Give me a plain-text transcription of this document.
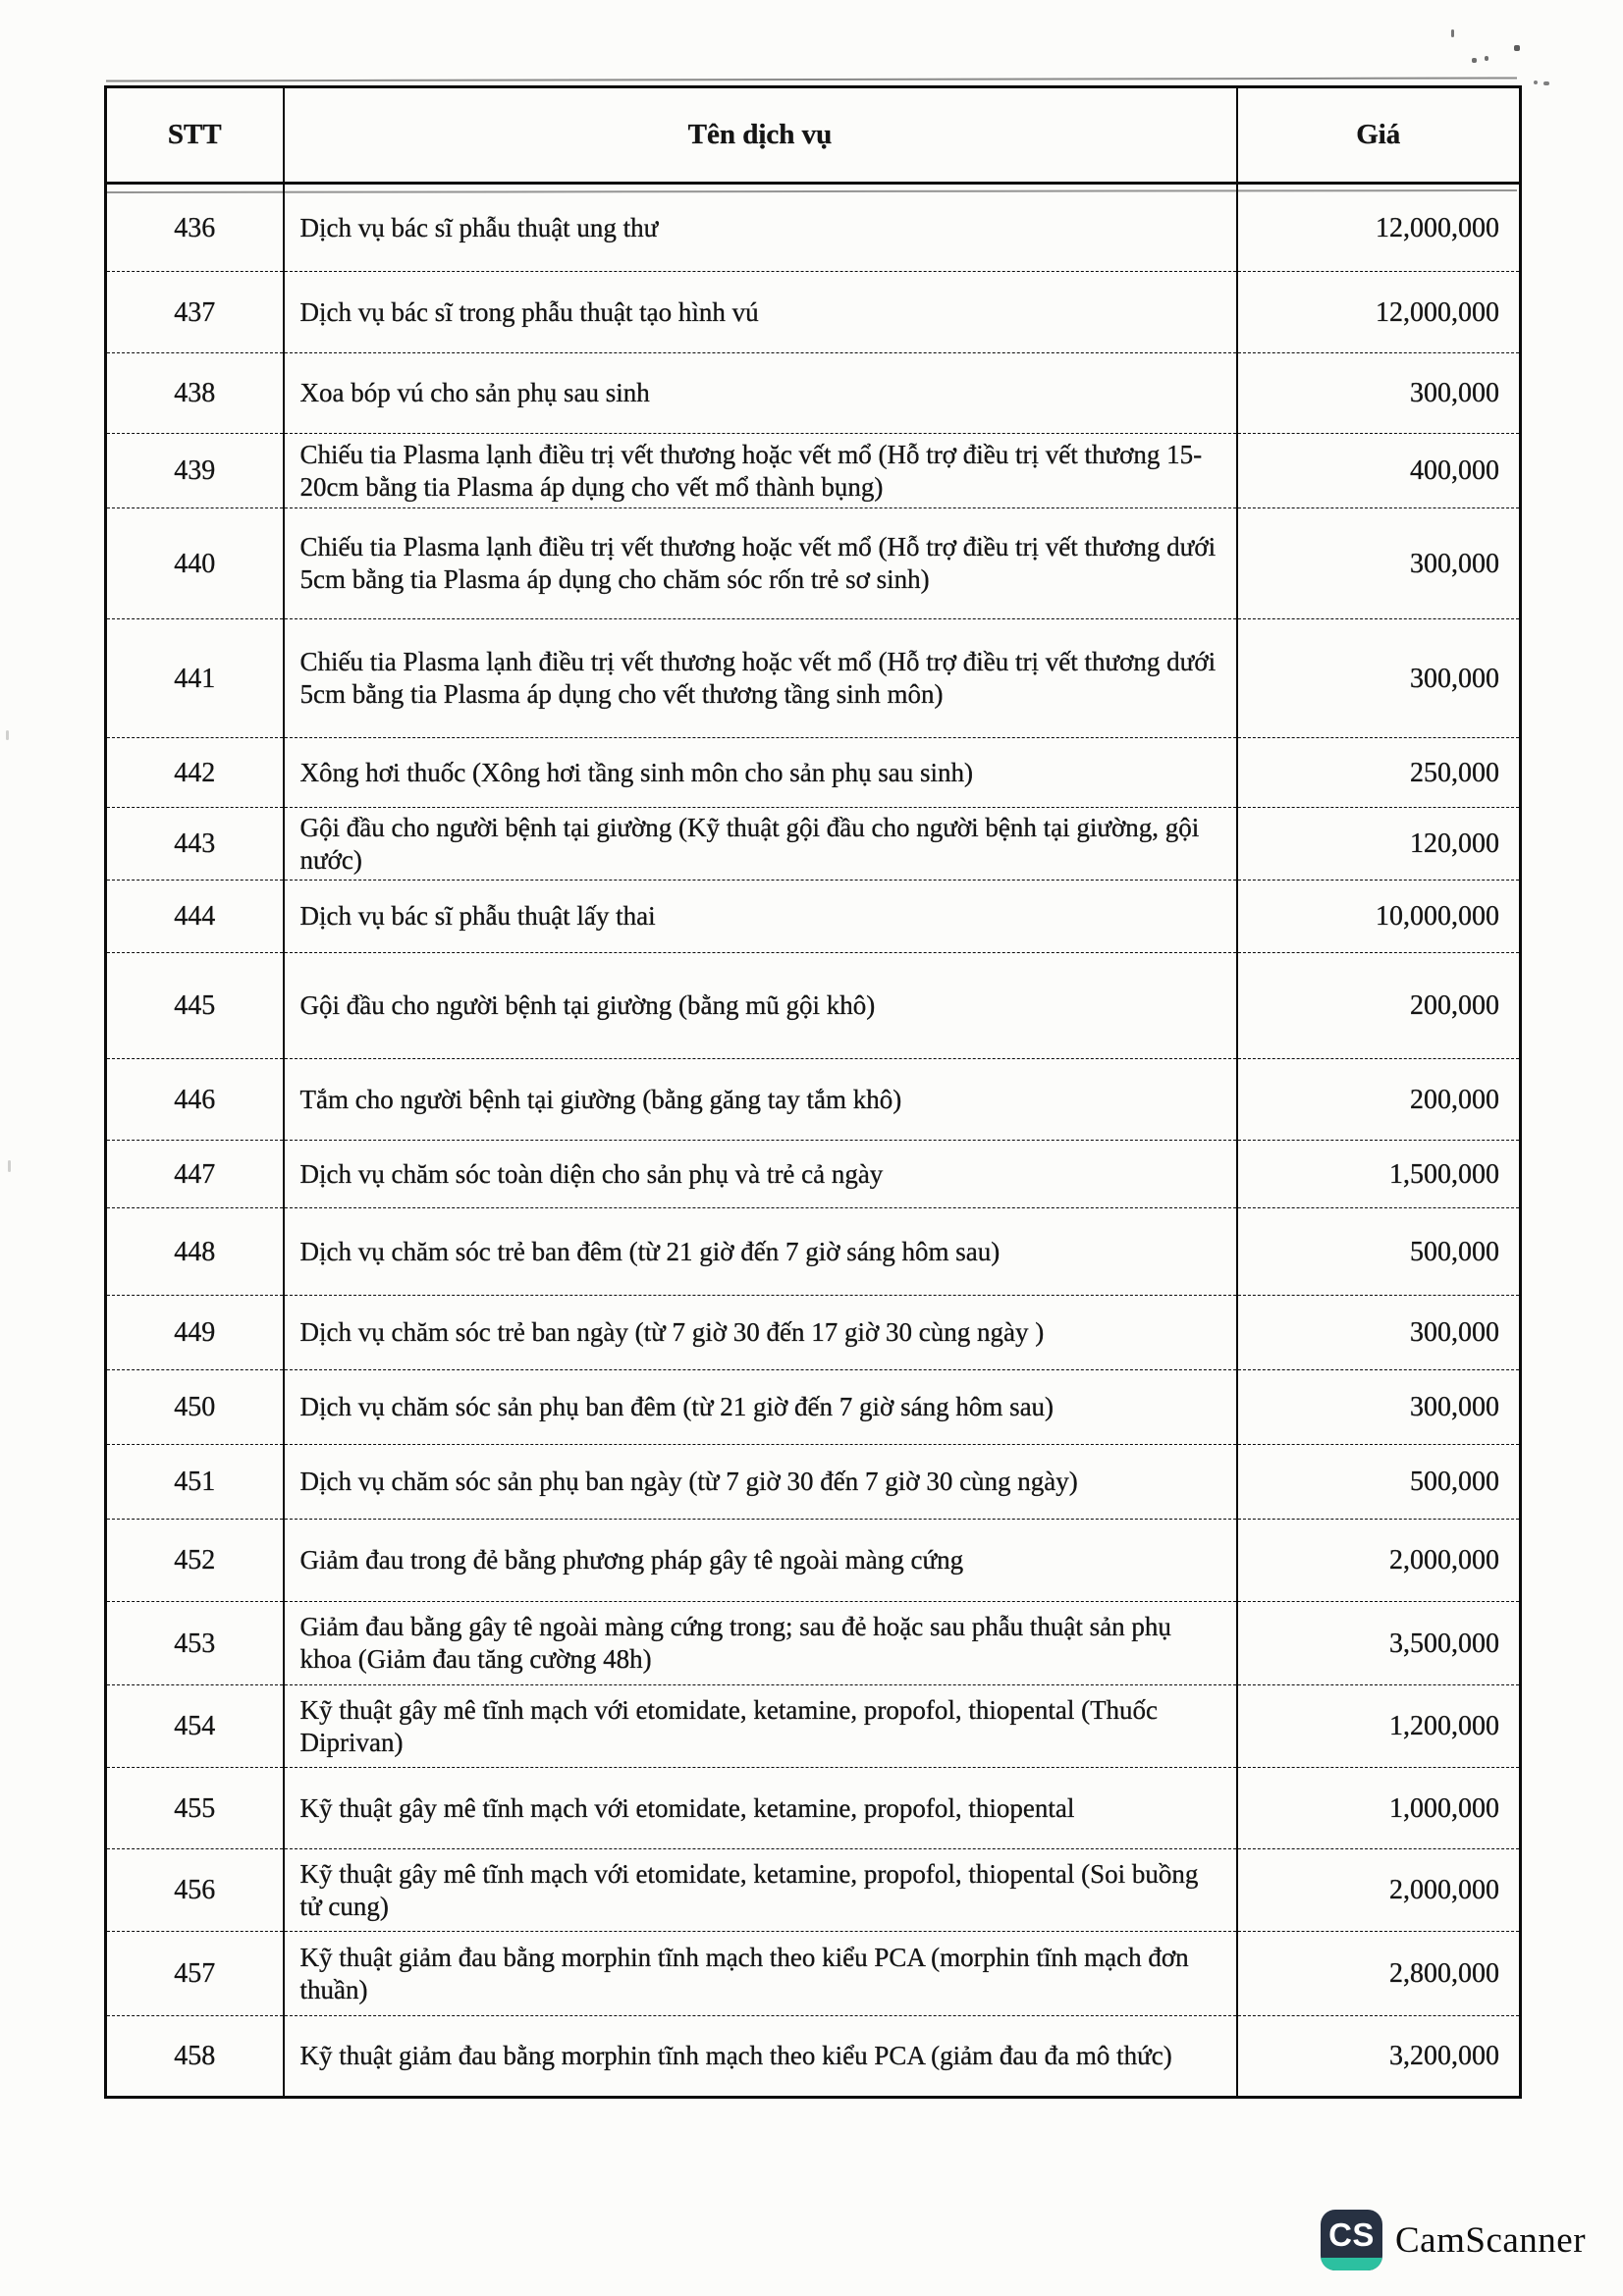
STT	Tên dịch vụ	Giá
436	Dịch vụ bác sĩ phẫu thuật ung thư	12,000,000
437	Dịch vụ bác sĩ trong phẫu thuật tạo hình vú	12,000,000
438	Xoa bóp vú cho sản phụ sau sinh	300,000
439	Chiếu tia Plasma lạnh điều trị vết thương hoặc vết mổ (Hỗ trợ điều trị vết thương 15-20cm bằng tia Plasma áp dụng cho vết mổ thành bụng)	400,000
440	Chiếu tia Plasma lạnh điều trị vết thương hoặc vết mổ (Hỗ trợ điều trị vết thương dưới 5cm bằng tia Plasma áp dụng cho chăm sóc rốn trẻ sơ sinh)	300,000
441	Chiếu tia Plasma lạnh điều trị vết thương hoặc vết mổ (Hỗ trợ điều trị vết thương dưới 5cm bằng tia Plasma áp dụng cho vết thương tầng sinh môn)	300,000
442	Xông hơi thuốc (Xông hơi tầng sinh môn cho sản phụ sau sinh)	250,000
443	Gội đầu cho người bệnh tại giường (Kỹ thuật gội đầu cho người bệnh tại giường, gội nước)	120,000
444	Dịch vụ bác sĩ phẫu thuật lấy thai	10,000,000
445	Gội đầu cho người bệnh tại giường (bằng mũ gội khô)	200,000
446	Tắm cho người bệnh tại giường (bằng găng tay tắm khô)	200,000
447	Dịch vụ chăm sóc toàn diện cho sản phụ và trẻ cả ngày	1,500,000
448	Dịch vụ chăm sóc trẻ ban đêm (từ 21 giờ đến 7 giờ sáng hôm sau)	500,000
449	Dịch vụ chăm sóc trẻ ban ngày (từ 7 giờ 30 đến 17 giờ 30 cùng ngày )	300,000
450	Dịch vụ chăm sóc sản phụ ban đêm (từ 21 giờ đến 7 giờ sáng hôm sau)	300,000
451	Dịch vụ chăm sóc sản phụ ban ngày (từ 7 giờ 30 đến 7 giờ 30 cùng ngày)	500,000
452	Giảm đau trong đẻ bằng phương pháp gây tê ngoài màng cứng	2,000,000
453	Giảm đau bằng gây tê ngoài màng cứng trong; sau đẻ hoặc sau phẫu thuật sản phụ khoa (Giảm đau tăng cường 48h)	3,500,000
454	Kỹ thuật gây mê tĩnh mạch với etomidate, ketamine, propofol, thiopental (Thuốc Diprivan)	1,200,000
455	Kỹ thuật gây mê tĩnh mạch với etomidate, ketamine, propofol, thiopental	1,000,000
456	Kỹ thuật gây mê tĩnh mạch với etomidate, ketamine, propofol, thiopental (Soi buồng tử cung)	2,000,000
457	Kỹ thuật giảm đau bằng morphin tĩnh mạch theo kiểu PCA (morphin tĩnh mạch đơn thuần)	2,800,000
458	Kỹ thuật giảm đau bằng morphin tĩnh mạch theo kiểu PCA (giảm đau đa mô thức)	3,200,000
CS CamScanner
